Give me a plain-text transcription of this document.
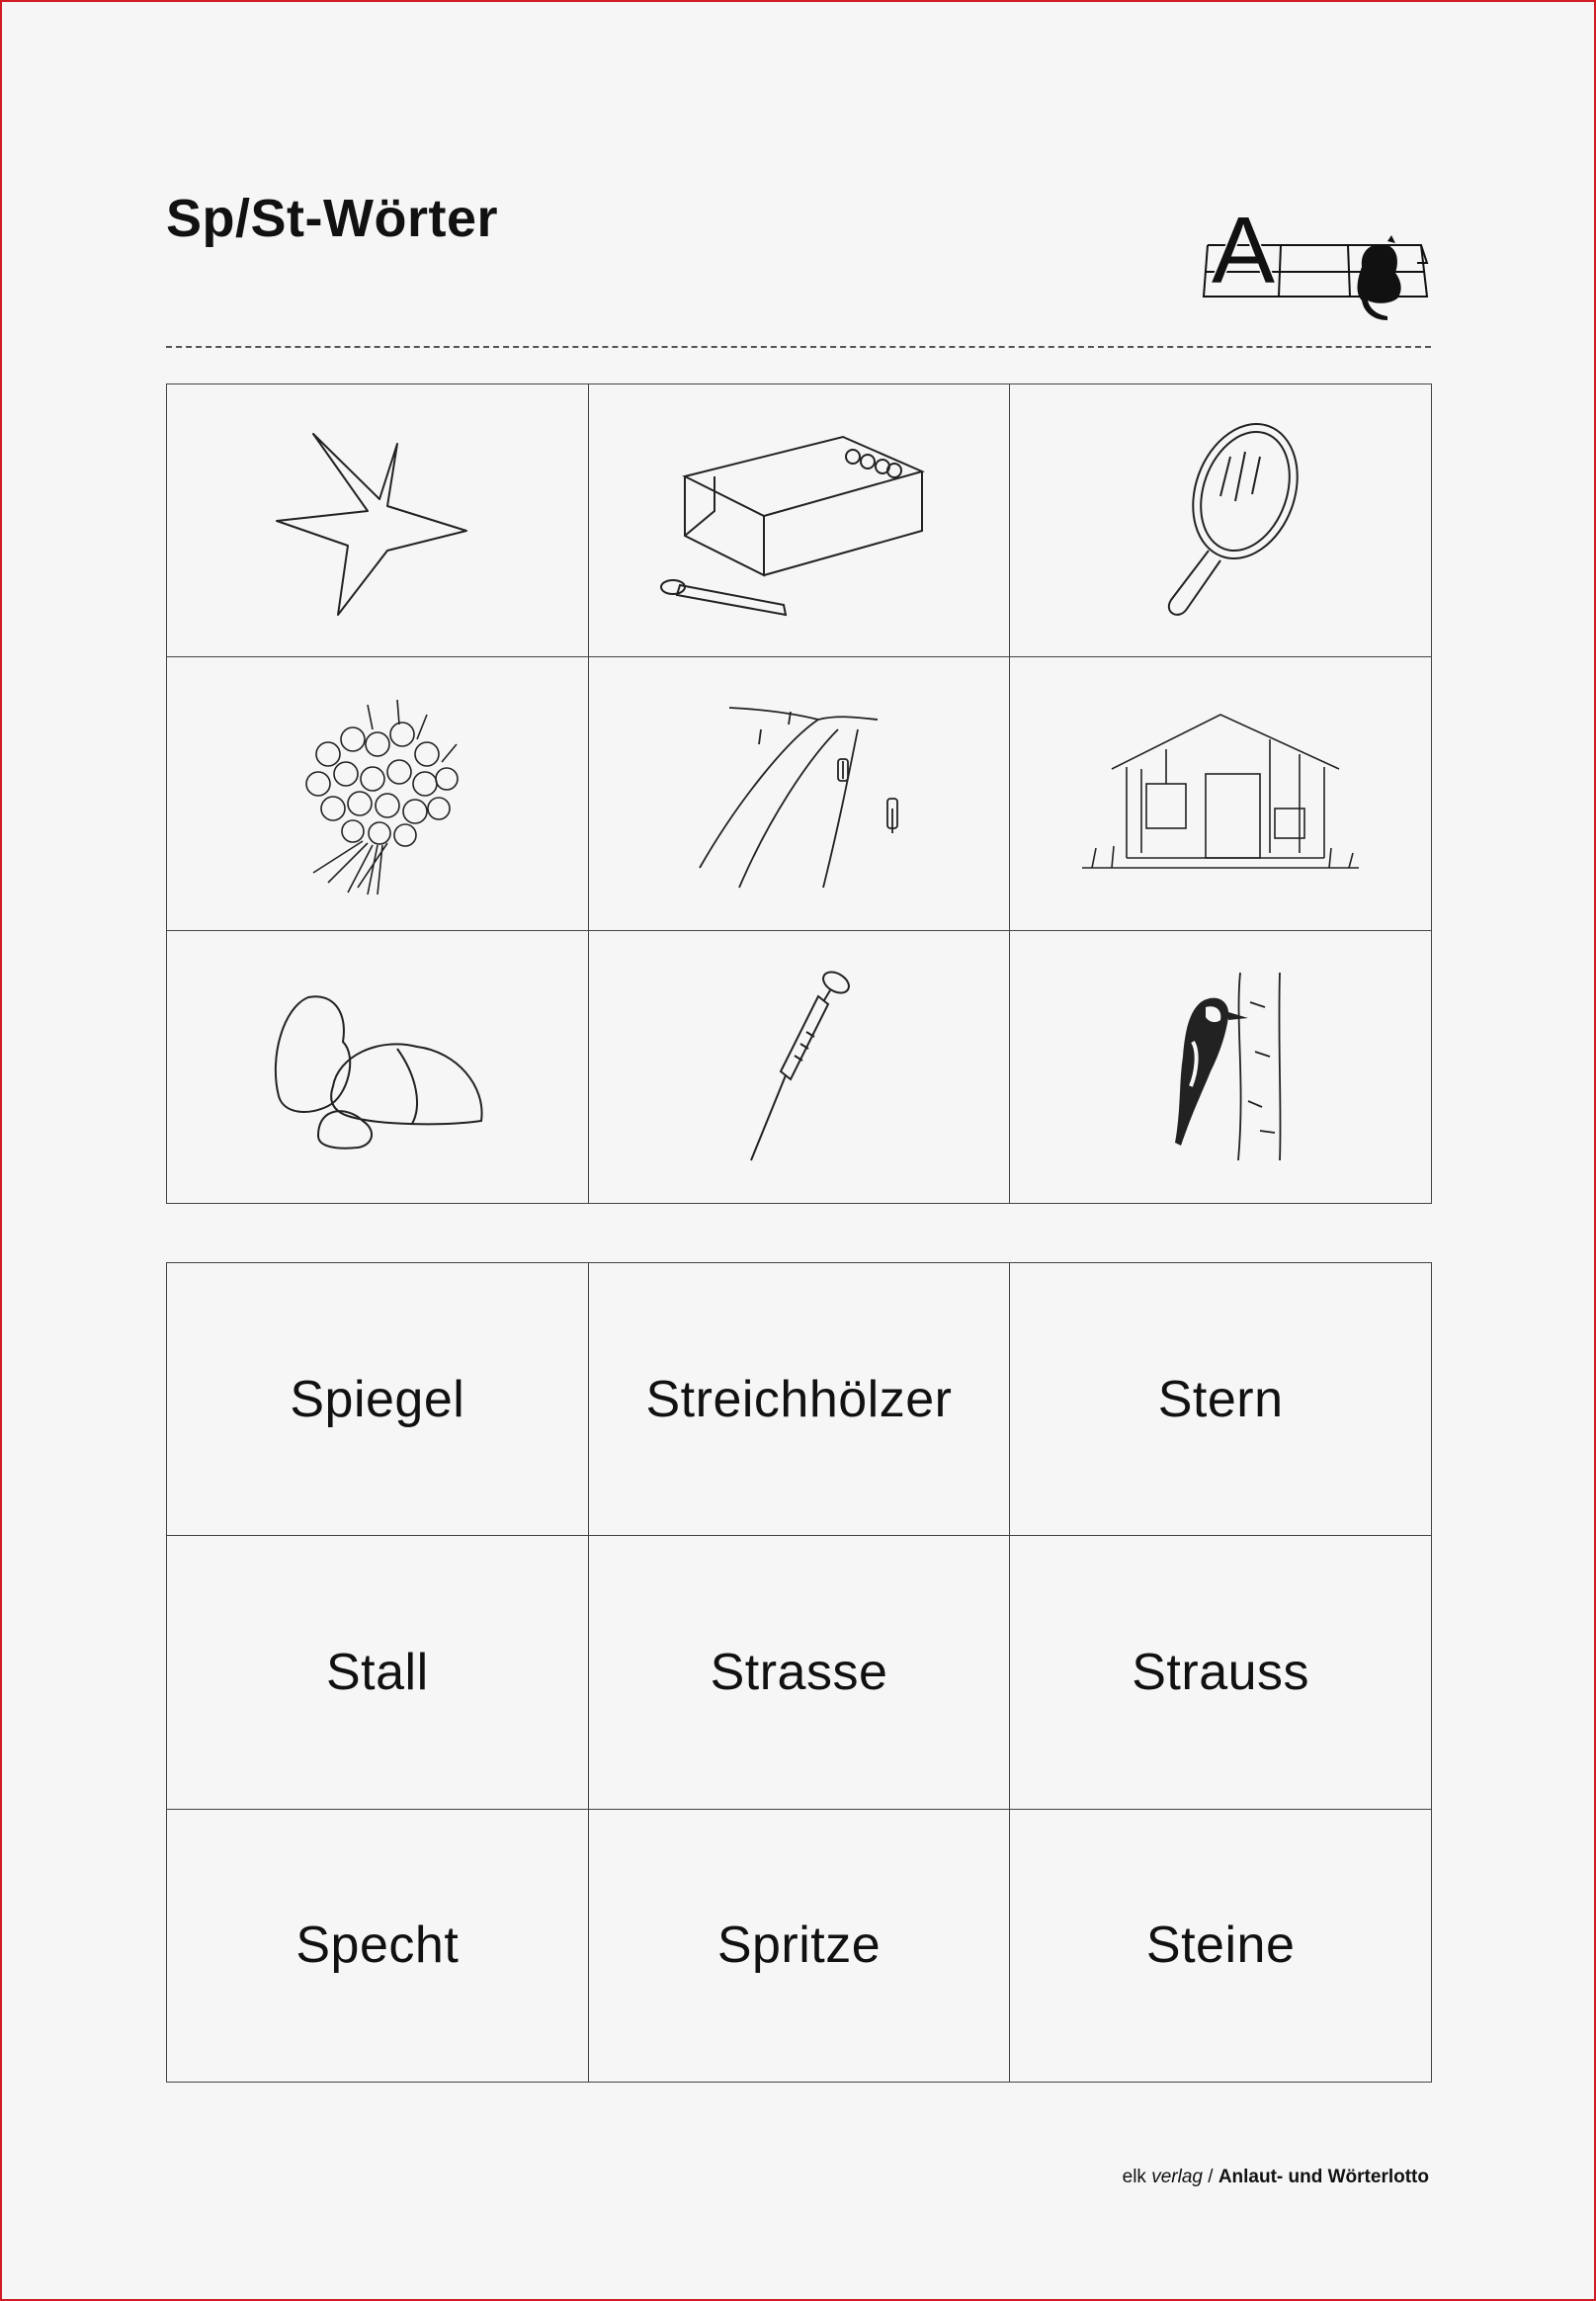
Sp/St-Wörter	A
Spiegel	Streichhölzer	Stern
Stall	Strasse	Strauss
Specht	Spritze	Steine
elk verlag / Anlaut- und Wörterlotto
